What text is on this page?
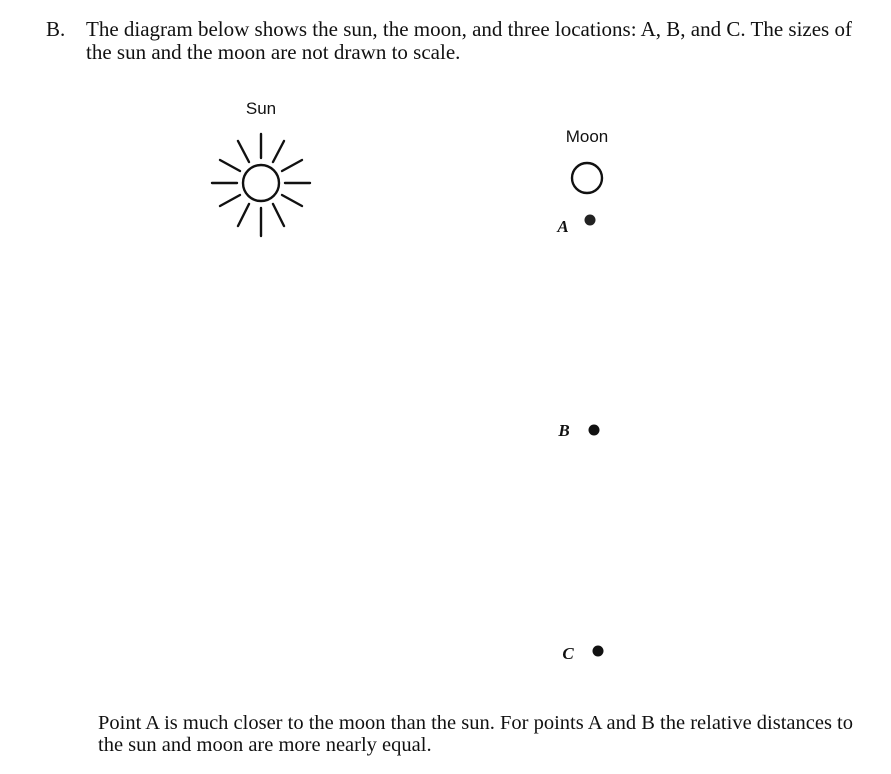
B. The diagram below shows the sun, the moon, and three locations: A, B, and C. The sizes of the sun and the moon are not drawn to scale.
Sun
Moon
A
B
C
Point A is much closer to the moon than the sun. For points A and B the relative distances to the sun and moon are more nearly equal.
